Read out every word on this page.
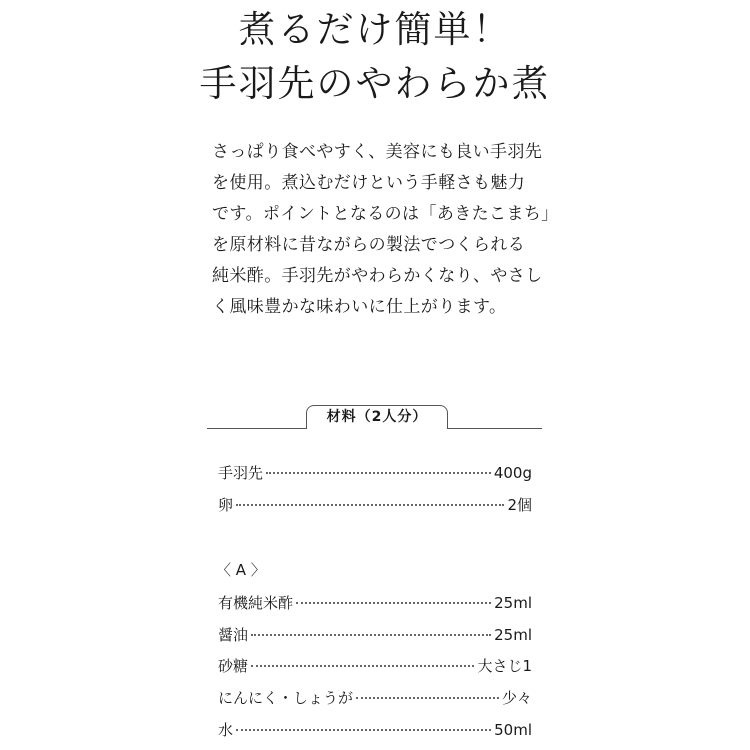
煮るだけ簡単！
手羽先のやわらか煮
さっぱり食べやすく、美容にも良い手羽先
を使用。煮込むだけという手軽さも魅力
です。ポイントとなるのは「あきたこまち」
を原材料に昔ながらの製法でつくられる
純米酢。手羽先がやわらかくなり、やさし
く風味豊かな味わいに仕上がります。
材料（2人分）
手羽先	400g
卵	2個
〈 A 〉
有機純米酢	25ml
醤油	25ml
砂糖	大さじ1
にんにく・しょうが	少々
水	50ml
